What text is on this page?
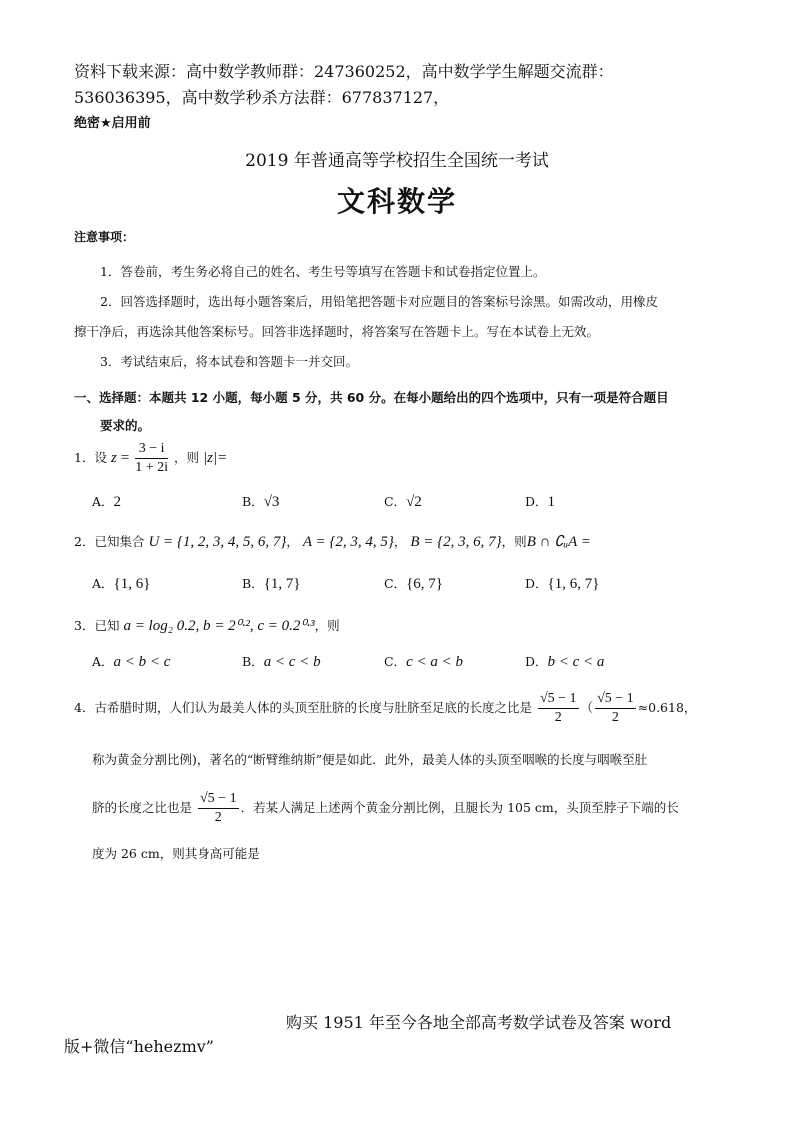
资料下载来源：高中数学教师群：247360252，高中数学学生解题交流群：
536036395，高中数学秒杀方法群：677837127，
绝密★启用前
2019 年普通高等学校招生全国统一考试
文科数学
注意事项：
1．答卷前，考生务必将自己的姓名、考生号等填写在答题卡和试卷指定位置上。
2．回答选择题时，选出每小题答案后，用铅笔把答题卡对应题目的答案标号涂黑。如需改动，用橡皮
擦干净后，再选涂其他答案标号。回答非选择题时，将答案写在答题卡上。写在本试卷上无效。
3．考试结束后，将本试卷和答题卡一并交回。
一、选择题：本题共 12 小题，每小题 5 分，共 60 分。在每小题给出的四个选项中，只有一项是符合题目
要求的。
1．设 $z = \frac{3 - i}{1 + 2i}$ ，则 |z|=
A．2	B．√3	C．√2	D．1
2．已知集合 U = {1, 2, 3, 4, 5, 6, 7}， A = {2, 3, 4, 5}， B = {2, 3, 6, 7}，则B ∩ ∁ᵤA =
A．{1, 6}	B．{1, 7}	C．{6, 7}	D．{1, 6, 7}
3．已知 a = log₂ 0.2, b = 2⁰·², c = 0.2⁰·³，则
A．a < b < c	B．a < c < b	C．c < a < b	D．b < c < a
4．古希腊时期，人们认为最美人体的头顶至肚脐的长度与肚脐至足底的长度之比是 $\frac{√5 - 1}{2}$ （ $\frac{√5 - 1}{2} \approx 0.618$，
称为黄金分割比例)，著名的“断臂维纳斯”便是如此．此外，最美人体的头顶至咽喉的长度与咽喉至肚
脐的长度之比也是 $\frac{√5 - 1}{2}$ ．若某人满足上述两个黄金分割比例，且腿长为 105 cm，头顶至脖子下端的长
度为 26 cm，则其身高可能是
购买 1951 年至今各地全部高考数学试卷及答案 word
版+微信“hehezmv”
